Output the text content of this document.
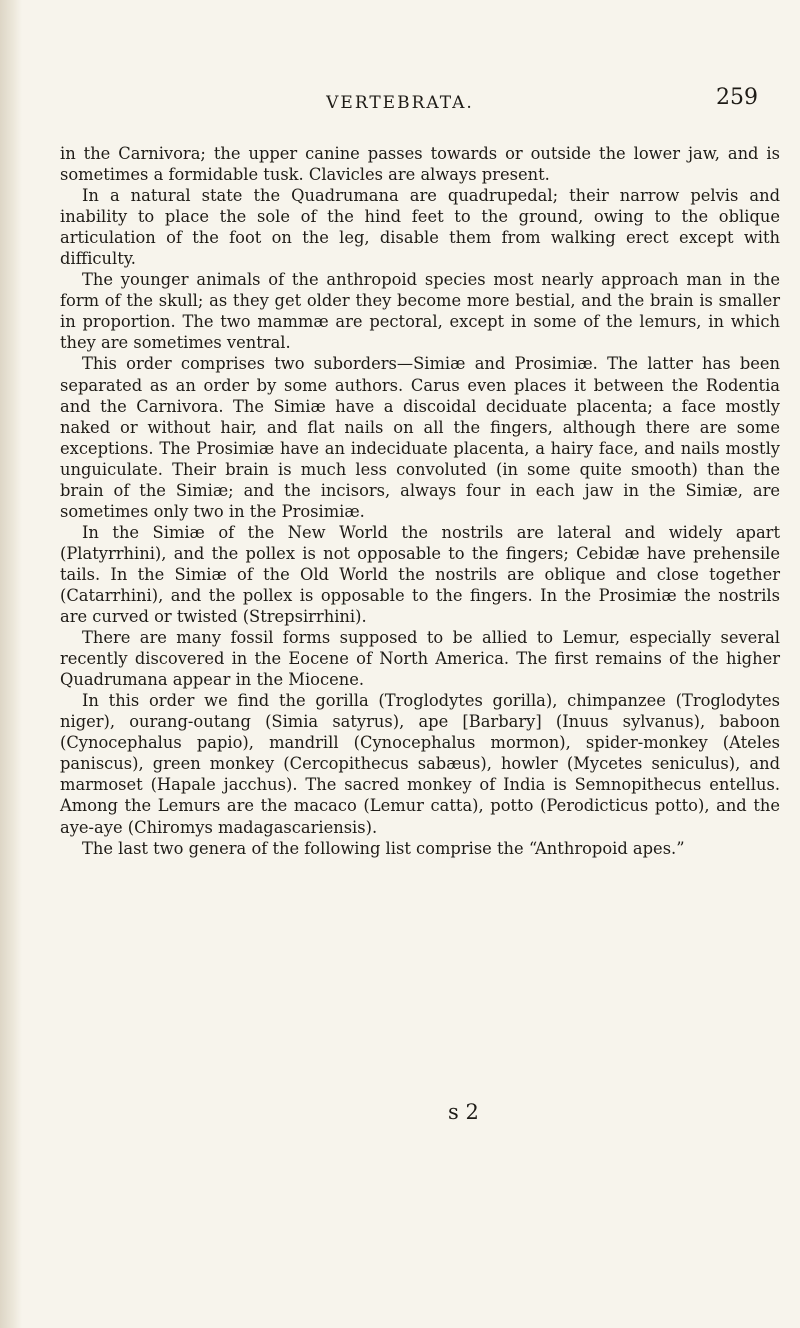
VERTEBRATA.	259

in the Carnivora; the upper canine passes towards or outside the lower jaw, and is sometimes a formidable tusk. Clavicles are always present.

In a natural state the Quadrumana are quadrupedal; their narrow pelvis and inability to place the sole of the hind feet to the ground, owing to the oblique articulation of the foot on the leg, disable them from walking erect except with difficulty.

The younger animals of the anthropoid species most nearly approach man in the form of the skull; as they get older they become more bestial, and the brain is smaller in proportion. The two mammæ are pectoral, except in some of the lemurs, in which they are sometimes ventral.

This order comprises two suborders—Simiæ and Prosimiæ. The latter has been separated as an order by some authors. Carus even places it between the Rodentia and the Carnivora. The Simiæ have a discoidal deciduate placenta; a face mostly naked or without hair, and flat nails on all the fingers, although there are some exceptions. The Prosimiæ have an indeciduate placenta, a hairy face, and nails mostly unguiculate. Their brain is much less convoluted (in some quite smooth) than the brain of the Simiæ; and the incisors, always four in each jaw in the Simiæ, are sometimes only two in the Prosimiæ.

In the Simiæ of the New World the nostrils are lateral and widely apart (Platyrrhini), and the pollex is not opposable to the fingers; Cebidæ have prehensile tails. In the Simiæ of the Old World the nostrils are oblique and close together (Catarrhini), and the pollex is opposable to the fingers. In the Prosimiæ the nostrils are curved or twisted (Strepsirrhini).

There are many fossil forms supposed to be allied to Lemur, especially several recently discovered in the Eocene of North America. The first remains of the higher Quadrumana appear in the Miocene.

In this order we find the gorilla (Troglodytes gorilla), chimpanzee (Troglodytes niger), ourang-outang (Simia satyrus), ape [Barbary] (Inuus sylvanus), baboon (Cynocephalus papio), mandrill (Cynocephalus mormon), spider-monkey (Ateles paniscus), green monkey (Cercopithecus sabæus), howler (Mycetes seniculus), and marmoset (Hapale jacchus). The sacred monkey of India is Semnopithecus entellus. Among the Lemurs are the macaco (Lemur catta), potto (Perodicticus potto), and the aye-aye (Chiromys madagascariensis).

The last two genera of the following list comprise the “Anthropoid apes.”

s 2
